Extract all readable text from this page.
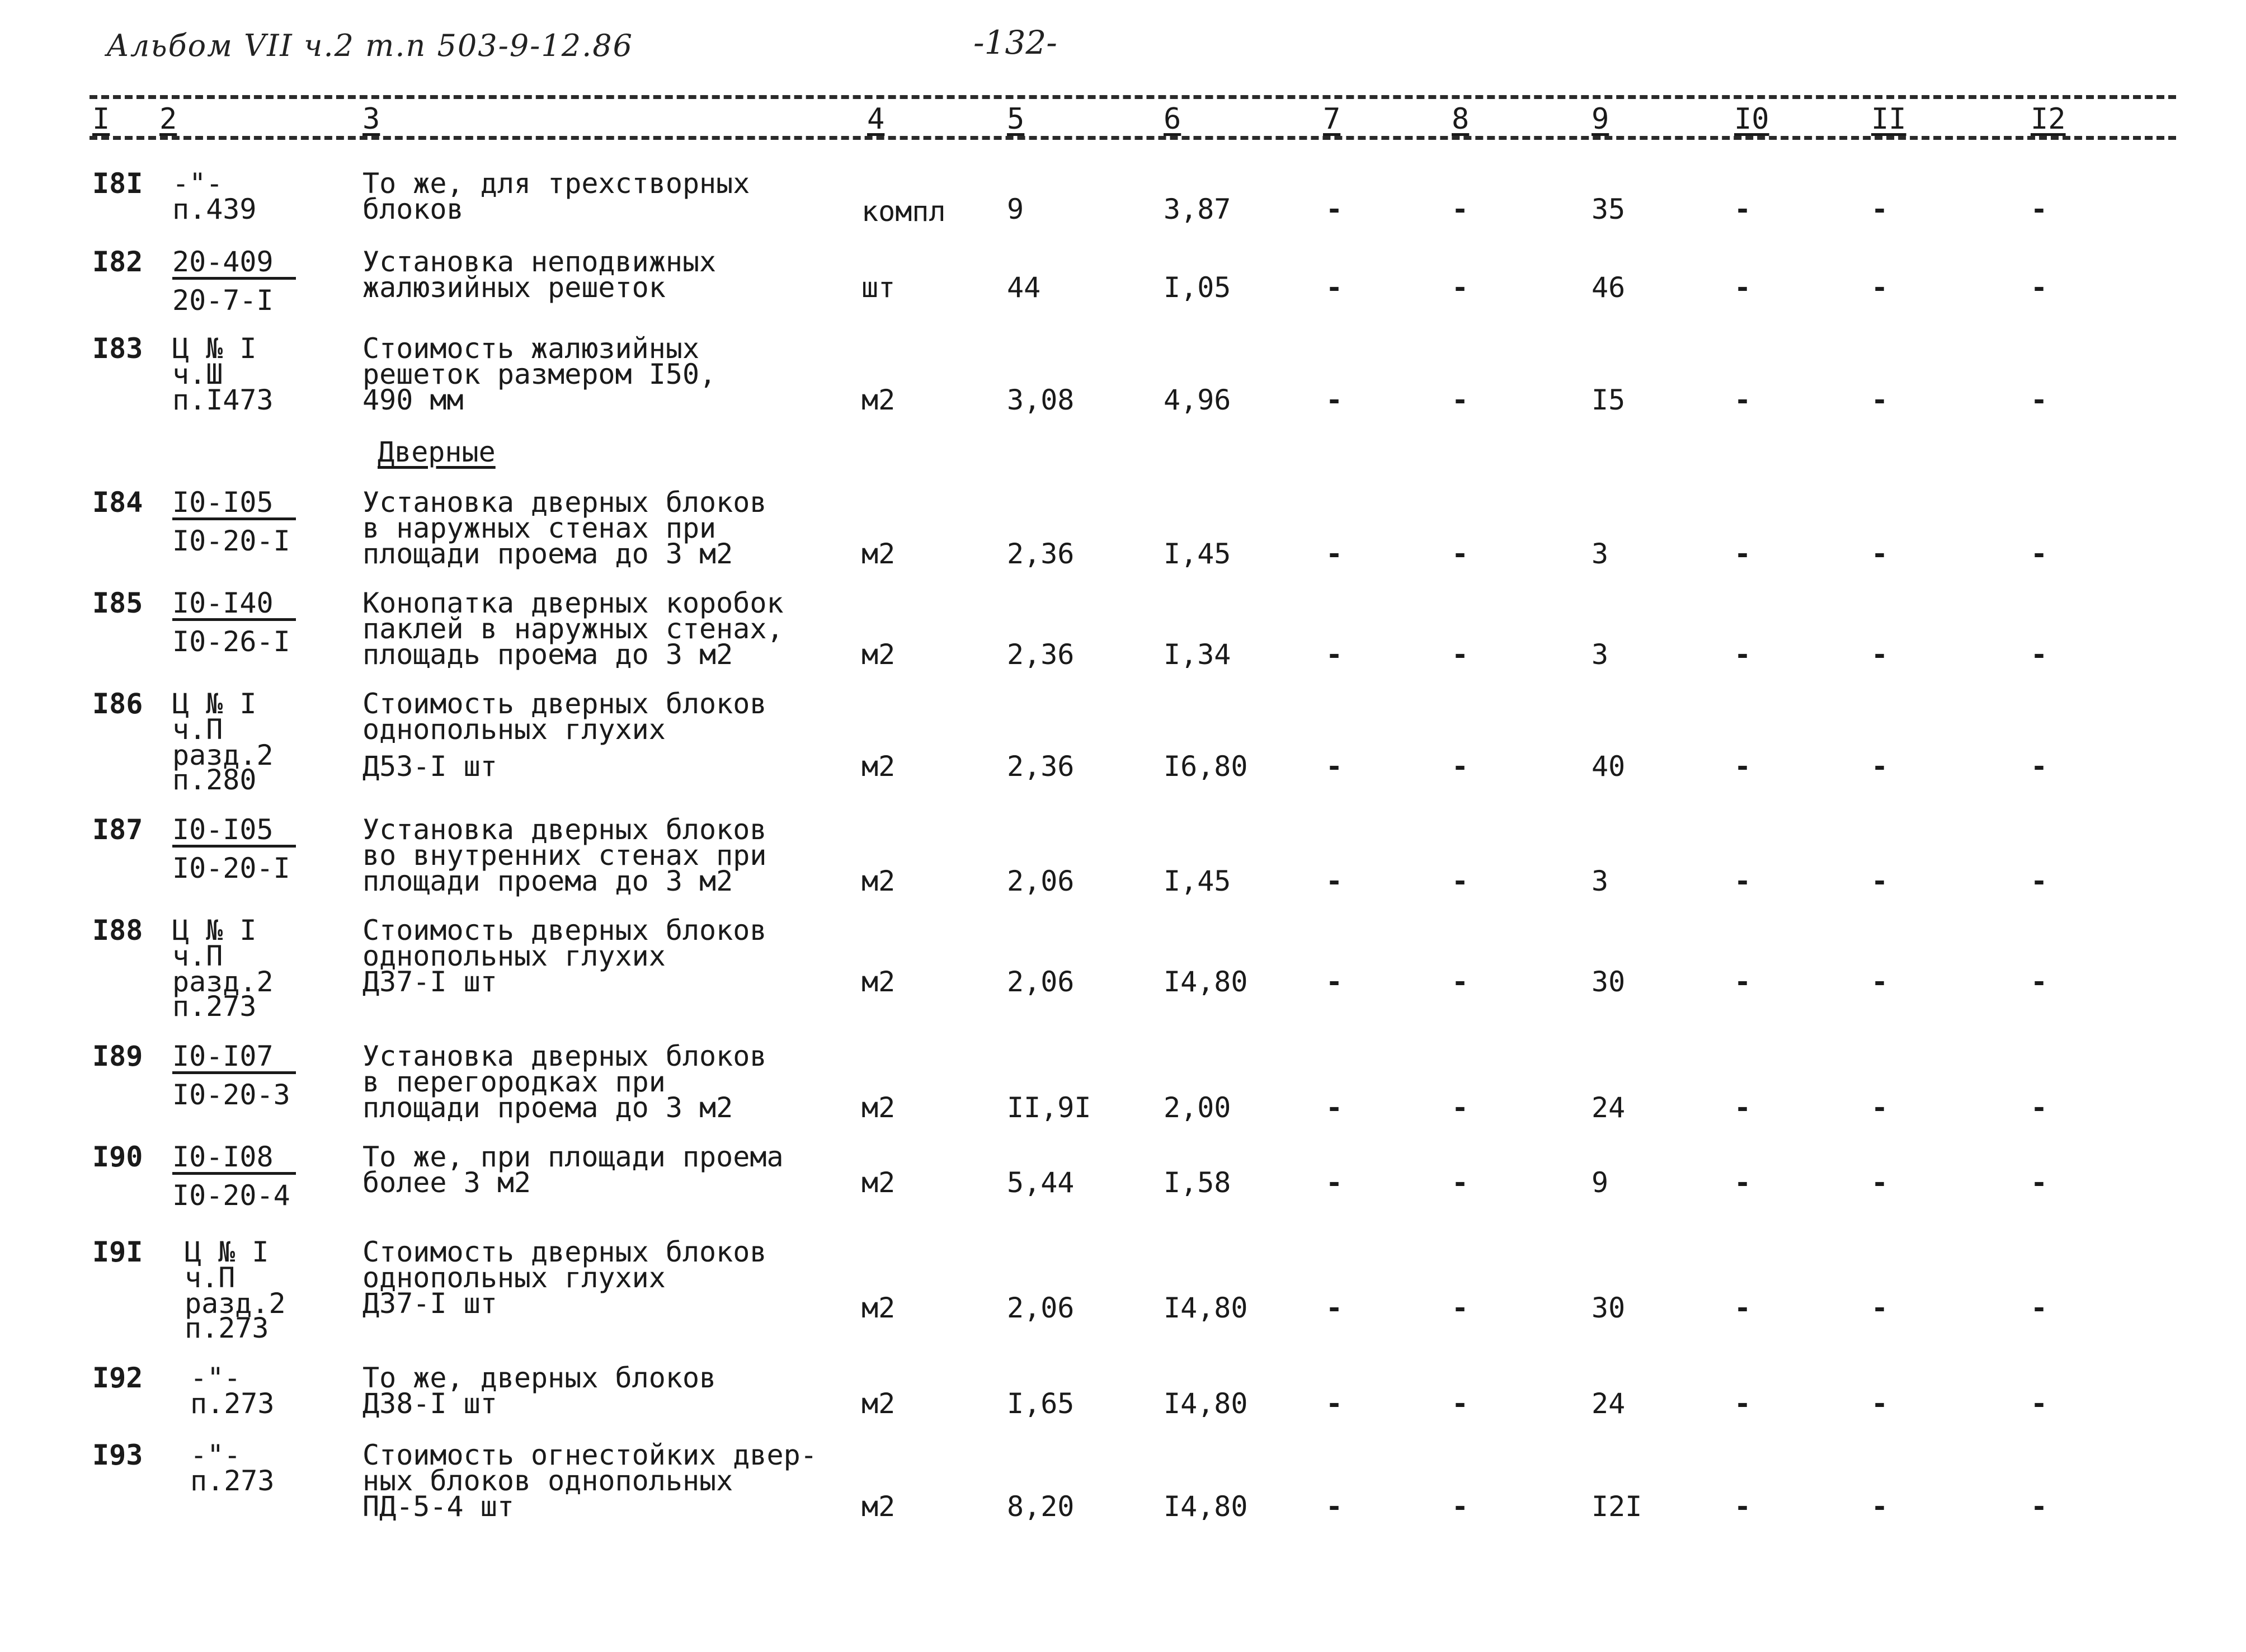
Альбом VII ч.2 т.п 503-9-12.86	-132-
I 2	3	4	5	6	7	8	9	I0	II	I2
I8I -"-
п.439
То же, для трехстворных
блоков	компл 9	3,87	-	-	35	-	-	-
I82 20-409
20-7-I
Установка неподвижных
жалюзийных решеток	шт	44	I,05	-	-	46	-	-	-
I83 Ц № I
ч.Ш
п.I473
Стоимость жалюзийных
решеток размером I50,
490 мм	м2	3,08	4,96	-	-	I5	-	-	-
Дверные
I84 I0-I05
I0-20-I
Установка дверных блоков
в наружных стенах при
площади проема до 3 м2	м2	2,36	I,45	-	-	3	-	-	-
I85 I0-I40
I0-26-I
Конопатка дверных коробок
паклей в наружных стенах,
площадь проема до 3 м2	м2	2,36	I,34	-	-	3	-	-	-
I86 Ц № I
ч.П
разд.2
п.280
Стоимость дверных блоков
однопольных глухих
Д53-I шт	м2	2,36	I6,80	-	-	40	-	-	-
I87 I0-I05
I0-20-I
Установка дверных блоков
во внутренних стенах при
площади проема до 3 м2	м2	2,06	I,45	-	-	3	-	-	-
I88 Ц № I
ч.П
разд.2
п.273
Стоимость дверных блоков
однопольных глухих
Д37-I шт	м2	2,06	I4,80	-	-	30	-	-	-
I89 I0-I07
I0-20-3
Установка дверных блоков
в перегородках при
площади проема до 3 м2	м2	II,9I	2,00	-	-	24	-	-	-
I90 I0-I08
I0-20-4
То же, при площади проема
более 3 м2	м2	5,44	I,58	-	-	9	-	-	-
I9I Ц № I
ч.П
разд.2
п.273
Стоимость дверных блоков
однопольных глухих
Д37-I шт	м2	2,06	I4,80	-	-	30	-	-	-
I92 -"-
п.273
То же, дверных блоков
Д38-I шт	м2	I,65	I4,80	-	-	24	-	-	-
I93 -"-
п.273
Стоимость огнестойких двер-
ных блоков однопольных
ПД-5-4 шт	м2	8,20	I4,80	-	-	I2I	-	-	-
